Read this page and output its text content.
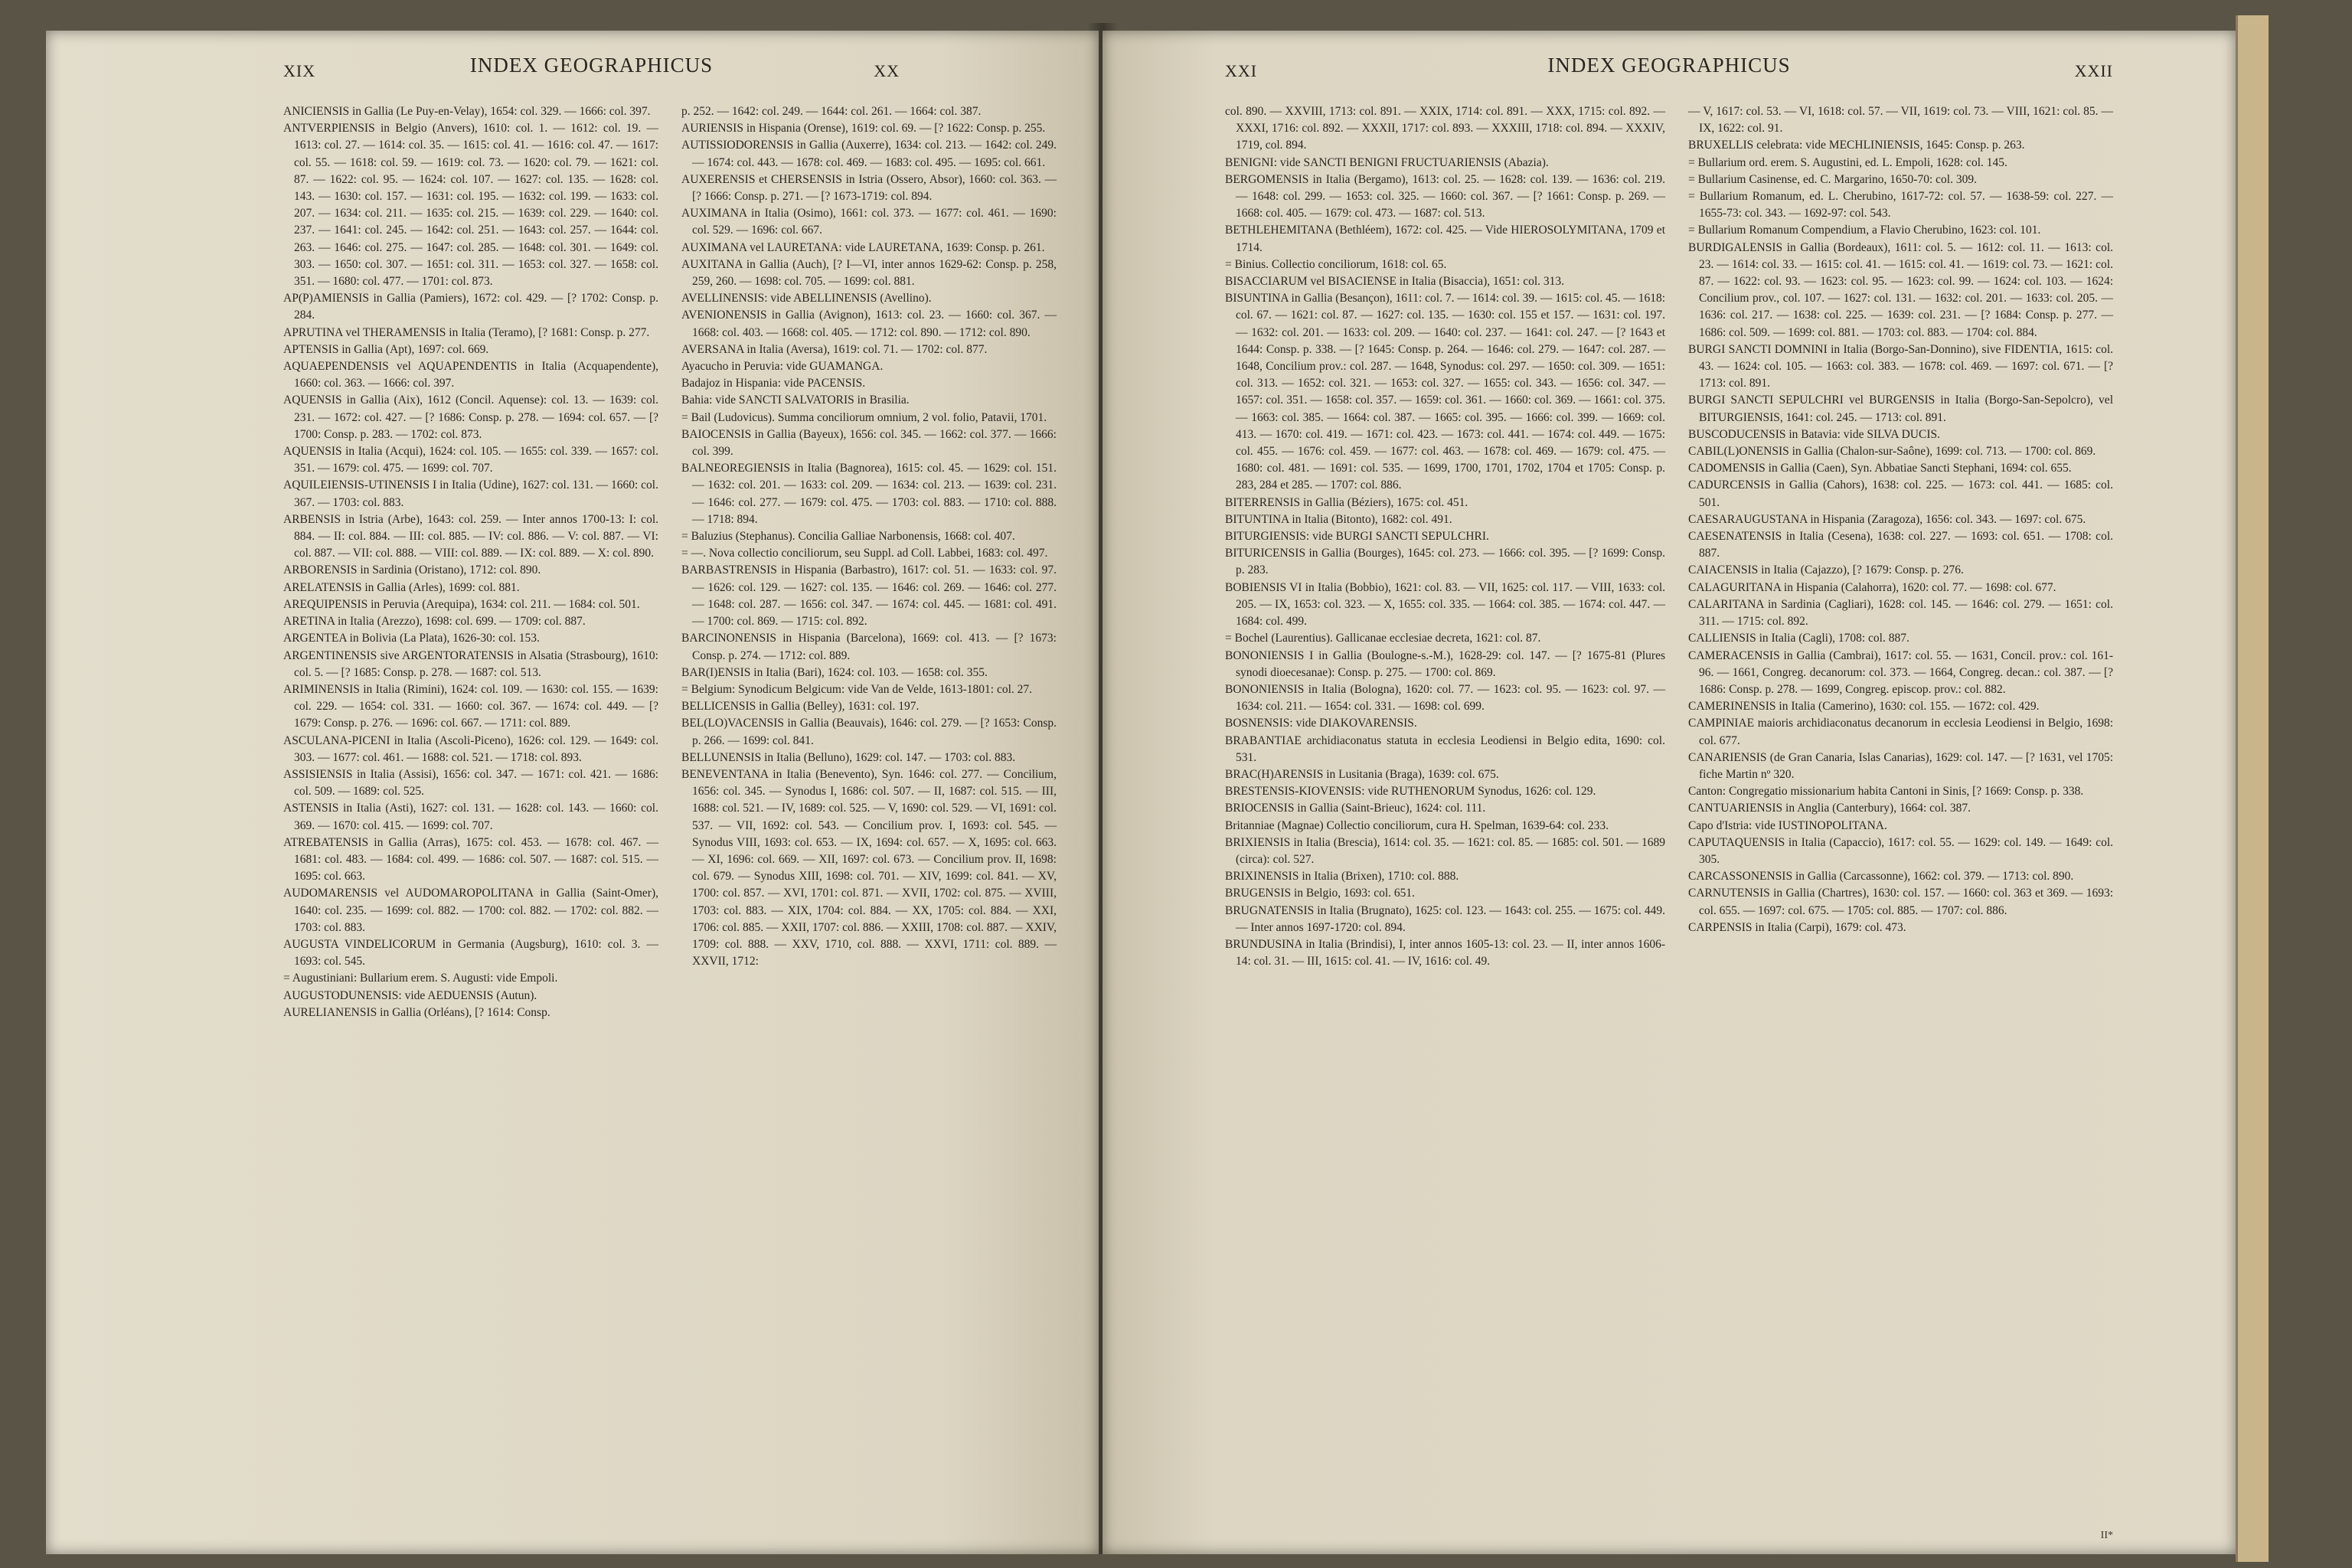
XIX	INDEX GEOGRAPHICUS	XX

ANICIENSIS in Gallia (Le Puy-en-Velay), 1654: col. 329. — 1666: col. 397.

ANTVERPIENSIS in Belgio (Anvers), 1610: col. 1. — 1612: col. 19. — 1613: col. 27. — 1614: col. 35. — 1615: col. 41. — 1616: col. 47. — 1617: col. 55. — 1618: col. 59. — 1619: col. 73. — 1620: col. 79. — 1621: col. 87. — 1622: col. 95. — 1624: col. 107. — 1627: col. 135. — 1628: col. 143. — 1630: col. 157. — 1631: col. 195. — 1632: col. 199. — 1633: col. 207. — 1634: col. 211. — 1635: col. 215. — 1639: col. 229. — 1640: col. 237. — 1641: col. 245. — 1642: col. 251. — 1643: col. 257. — 1644: col. 263. — 1646: col. 275. — 1647: col. 285. — 1648: col. 301. — 1649: col. 303. — 1650: col. 307. — 1651: col. 311. — 1653: col. 327. — 1658: col. 351. — 1680: col. 477. — 1701: col. 873.

AP(P)AMIENSIS in Gallia (Pamiers), 1672: col. 429. — [? 1702: Consp. p. 284.

APRUTINA vel THERAMENSIS in Italia (Teramo), [? 1681: Consp. p. 277.

APTENSIS in Gallia (Apt), 1697: col. 669.

AQUAEPENDENSIS vel AQUAPENDENTIS in Italia (Acquapendente), 1660: col. 363. — 1666: col. 397.

AQUENSIS in Gallia (Aix), 1612 (Concil. Aquense): col. 13. — 1639: col. 231. — 1672: col. 427. — [? 1686: Consp. p. 278. — 1694: col. 657. — [? 1700: Consp. p. 283. — 1702: col. 873.

AQUENSIS in Italia (Acqui), 1624: col. 105. — 1655: col. 339. — 1657: col. 351. — 1679: col. 475. — 1699: col. 707.

AQUILEIENSIS-UTINENSIS I in Italia (Udine), 1627: col. 131. — 1660: col. 367. — 1703: col. 883.

ARBENSIS in Istria (Arbe), 1643: col. 259. — Inter annos 1700-13: I: col. 884. — II: col. 884. — III: col. 885. — IV: col. 886. — V: col. 887. — VI: col. 887. — VII: col. 888. — VIII: col. 889. — IX: col. 889. — X: col. 890.

ARBORENSIS in Sardinia (Oristano), 1712: col. 890.

ARELATENSIS in Gallia (Arles), 1699: col. 881.

AREQUIPENSIS in Peruvia (Arequipa), 1634: col. 211. — 1684: col. 501.

ARETINA in Italia (Arezzo), 1698: col. 699. — 1709: col. 887.

ARGENTEA in Bolivia (La Plata), 1626-30: col. 153.

ARGENTINENSIS sive ARGENTORATENSIS in Alsatia (Strasbourg), 1610: col. 5. — [? 1685: Consp. p. 278. — 1687: col. 513.

ARIMINENSIS in Italia (Rimini), 1624: col. 109. — 1630: col. 155. — 1639: col. 229. — 1654: col. 331. — 1660: col. 367. — 1674: col. 449. — [? 1679: Consp. p. 276. — 1696: col. 667. — 1711: col. 889.

ASCULANA-PICENI in Italia (Ascoli-Piceno), 1626: col. 129. — 1649: col. 303. — 1677: col. 461. — 1688: col. 521. — 1718: col. 893.

ASSISIENSIS in Italia (Assisi), 1656: col. 347. — 1671: col. 421. — 1686: col. 509. — 1689: col. 525.

ASTENSIS in Italia (Asti), 1627: col. 131. — 1628: col. 143. — 1660: col. 369. — 1670: col. 415. — 1699: col. 707.

ATREBATENSIS in Gallia (Arras), 1675: col. 453. — 1678: col. 467. — 1681: col. 483. — 1684: col. 499. — 1686: col. 507. — 1687: col. 515. — 1695: col. 663.

AUDOMARENSIS vel AUDOMAROPOLITANA in Gallia (Saint-Omer), 1640: col. 235. — 1699: col. 882. — 1700: col. 882. — 1702: col. 882. — 1703: col. 883.

AUGUSTA VINDELICORUM in Germania (Augsburg), 1610: col. 3. — 1693: col. 545.

= Augustiniani: Bullarium erem. S. Augusti: vide Empoli.

AUGUSTODUNENSIS: vide AEDUENSIS (Autun).

AURELIANENSIS in Gallia (Orléans), [? 1614: Consp.

p. 252. — 1642: col. 249. — 1644: col. 261. — 1664: col. 387.

AURIENSIS in Hispania (Orense), 1619: col. 69. — [? 1622: Consp. p. 255.

AUTISSIODORENSIS in Gallia (Auxerre), 1634: col. 213. — 1642: col. 249. — 1674: col. 443. — 1678: col. 469. — 1683: col. 495. — 1695: col. 661.

AUXERENSIS et CHERSENSIS in Istria (Ossero, Absor), 1660: col. 363. — [? 1666: Consp. p. 271. — [? 1673-1719: col. 894.

AUXIMANA in Italia (Osimo), 1661: col. 373. — 1677: col. 461. — 1690: col. 529. — 1696: col. 667.

AUXIMANA vel LAURETANA: vide LAURETANA, 1639: Consp. p. 261.

AUXITANA in Gallia (Auch), [? I—VI, inter annos 1629-62: Consp. p. 258, 259, 260. — 1698: col. 705. — 1699: col. 881.

AVELLINENSIS: vide ABELLINENSIS (Avellino).

AVENIONENSIS in Gallia (Avignon), 1613: col. 23. — 1660: col. 367. — 1668: col. 403. — 1668: col. 405. — 1712: col. 890. — 1712: col. 890.

AVERSANA in Italia (Aversa), 1619: col. 71. — 1702: col. 877.

Ayacucho in Peruvia: vide GUAMANGA.

Badajoz in Hispania: vide PACENSIS.

Bahia: vide SANCTI SALVATORIS in Brasilia.

= Bail (Ludovicus). Summa conciliorum omnium, 2 vol. folio, Patavii, 1701.

BAIOCENSIS in Gallia (Bayeux), 1656: col. 345. — 1662: col. 377. — 1666: col. 399.

BALNEOREGIENSIS in Italia (Bagnorea), 1615: col. 45. — 1629: col. 151. — 1632: col. 201. — 1633: col. 209. — 1634: col. 213. — 1639: col. 231. — 1646: col. 277. — 1679: col. 475. — 1703: col. 883. — 1710: col. 888. — 1718: 894.

= Baluzius (Stephanus). Concilia Galliae Narbonensis, 1668: col. 407.

= —. Nova collectio conciliorum, seu Suppl. ad Coll. Labbei, 1683: col. 497.

BARBASTRENSIS in Hispania (Barbastro), 1617: col. 51. — 1633: col. 97. — 1626: col. 129. — 1627: col. 135. — 1646: col. 269. — 1646: col. 277. — 1648: col. 287. — 1656: col. 347. — 1674: col. 445. — 1681: col. 491. — 1700: col. 869. — 1715: col. 892.

BARCINONENSIS in Hispania (Barcelona), 1669: col. 413. — [? 1673: Consp. p. 274. — 1712: col. 889.

BAR(I)ENSIS in Italia (Bari), 1624: col. 103. — 1658: col. 355.

= Belgium: Synodicum Belgicum: vide Van de Velde, 1613-1801: col. 27.

BELLICENSIS in Gallia (Belley), 1631: col. 197.

BEL(LO)VACENSIS in Gallia (Beauvais), 1646: col. 279. — [? 1653: Consp. p. 266. — 1699: col. 841.

BELLUNENSIS in Italia (Belluno), 1629: col. 147. — 1703: col. 883.

BENEVENTANA in Italia (Benevento), Syn. 1646: col. 277. — Concilium, 1656: col. 345. — Synodus I, 1686: col. 507. — II, 1687: col. 515. — III, 1688: col. 521. — IV, 1689: col. 525. — V, 1690: col. 529. — VI, 1691: col. 537. — VII, 1692: col. 543. — Concilium prov. I, 1693: col. 545. — Synodus VIII, 1693: col. 653. — IX, 1694: col. 657. — X, 1695: col. 663. — XI, 1696: col. 669. — XII, 1697: col. 673. — Concilium prov. II, 1698: col. 679. — Synodus XIII, 1698: col. 701. — XIV, 1699: col. 841. — XV, 1700: col. 857. — XVI, 1701: col. 871. — XVII, 1702: col. 875. — XVIII, 1703: col. 883. — XIX, 1704: col. 884. — XX, 1705: col. 884. — XXI, 1706: col. 885. — XXII, 1707: col. 886. — XXIII, 1708: col. 887. — XXIV, 1709: col. 888. — XXV, 1710, col. 888. — XXVI, 1711: col. 889. — XXVII, 1712:

XXI	INDEX GEOGRAPHICUS	XXII

col. 890. — XXVIII, 1713: col. 891. — XXIX, 1714: col. 891. — XXX, 1715: col. 892. — XXXI, 1716: col. 892. — XXXII, 1717: col. 893. — XXXIII, 1718: col. 894. — XXXIV, 1719, col. 894.

BENIGNI: vide SANCTI BENIGNI FRUCTUARIENSIS (Abazia).

BERGOMENSIS in Italia (Bergamo), 1613: col. 25. — 1628: col. 139. — 1636: col. 219. — 1648: col. 299. — 1653: col. 325. — 1660: col. 367. — [? 1661: Consp. p. 269. — 1668: col. 405. — 1679: col. 473. — 1687: col. 513.

BETHLEHEMITANA (Bethléem), 1672: col. 425. — Vide HIEROSOLYMITANA, 1709 et 1714.

= Binius. Collectio conciliorum, 1618: col. 65.

BISACCIARUM vel BISACIENSE in Italia (Bisaccia), 1651: col. 313.

BISUNTINA in Gallia (Besançon), 1611: col. 7. — 1614: col. 39. — 1615: col. 45. — 1618: col. 67. — 1621: col. 87. — 1627: col. 135. — 1630: col. 155 et 157. — 1631: col. 197. — 1632: col. 201. — 1633: col. 209. — 1640: col. 237. — 1641: col. 247. — [? 1643 et 1644: Consp. p. 338. — [? 1645: Consp. p. 264. — 1646: col. 279. — 1647: col. 287. — 1648, Concilium prov.: col. 287. — 1648, Synodus: col. 297. — 1650: col. 309. — 1651: col. 313. — 1652: col. 321. — 1653: col. 327. — 1655: col. 343. — 1656: col. 347. — 1657: col. 351. — 1658: col. 357. — 1659: col. 361. — 1660: col. 369. — 1661: col. 375. — 1663: col. 385. — 1664: col. 387. — 1665: col. 395. — 1666: col. 399. — 1669: col. 413. — 1670: col. 419. — 1671: col. 423. — 1673: col. 441. — 1674: col. 449. — 1675: col. 455. — 1676: col. 459. — 1677: col. 463. — 1678: col. 469. — 1679: col. 475. — 1680: col. 481. — 1691: col. 535. — 1699, 1700, 1701, 1702, 1704 et 1705: Consp. p. 283, 284 et 285. — 1707: col. 886.

BITERRENSIS in Gallia (Béziers), 1675: col. 451.

BITUNTINA in Italia (Bitonto), 1682: col. 491.

BITURGIENSIS: vide BURGI SANCTI SEPULCHRI.

BITURICENSIS in Gallia (Bourges), 1645: col. 273. — 1666: col. 395. — [? 1699: Consp. p. 283.

BOBIENSIS VI in Italia (Bobbio), 1621: col. 83. — VII, 1625: col. 117. — VIII, 1633: col. 205. — IX, 1653: col. 323. — X, 1655: col. 335. — 1664: col. 385. — 1674: col. 447. — 1684: col. 499.

= Bochel (Laurentius). Gallicanae ecclesiae decreta, 1621: col. 87.

BONONIENSIS I in Gallia (Boulogne-s.-M.), 1628-29: col. 147. — [? 1675-81 (Plures synodi dioecesanae): Consp. p. 275. — 1700: col. 869.

BONONIENSIS in Italia (Bologna), 1620: col. 77. — 1623: col. 95. — 1623: col. 97. — 1634: col. 211. — 1654: col. 331. — 1698: col. 699.

BOSNENSIS: vide DIAKOVARENSIS.

BRABANTIAE archidiaconatus statuta in ecclesia Leodiensi in Belgio edita, 1690: col. 531.

BRAC(H)ARENSIS in Lusitania (Braga), 1639: col. 675.

BRESTENSIS-KIOVENSIS: vide RUTHENORUM Synodus, 1626: col. 129.

BRIOCENSIS in Gallia (Saint-Brieuc), 1624: col. 111.

Britanniae (Magnae) Collectio conciliorum, cura H. Spelman, 1639-64: col. 233.

BRIXIENSIS in Italia (Brescia), 1614: col. 35. — 1621: col. 85. — 1685: col. 501. — 1689 (circa): col. 527.

BRIXINENSIS in Italia (Brixen), 1710: col. 888.

BRUGENSIS in Belgio, 1693: col. 651.

BRUGNATENSIS in Italia (Brugnato), 1625: col. 123. — 1643: col. 255. — 1675: col. 449. — Inter annos 1697-1720: col. 894.

BRUNDUSINA in Italia (Brindisi), I, inter annos 1605-13: col. 23. — II, inter annos 1606-14: col. 31. — III, 1615: col. 41. — IV, 1616: col. 49.

— V, 1617: col. 53. — VI, 1618: col. 57. — VII, 1619: col. 73. — VIII, 1621: col. 85. — IX, 1622: col. 91.

BRUXELLIS celebrata: vide MECHLINIENSIS, 1645: Consp. p. 263.

= Bullarium ord. erem. S. Augustini, ed. L. Empoli, 1628: col. 145.

= Bullarium Casinense, ed. C. Margarino, 1650-70: col. 309.

= Bullarium Romanum, ed. L. Cherubino, 1617-72: col. 57. — 1638-59: col. 227. — 1655-73: col. 343. — 1692-97: col. 543.

= Bullarium Romanum Compendium, a Flavio Cherubino, 1623: col. 101.

BURDIGALENSIS in Gallia (Bordeaux), 1611: col. 5. — 1612: col. 11. — 1613: col. 23. — 1614: col. 33. — 1615: col. 41. — 1615: col. 41. — 1619: col. 73. — 1621: col. 87. — 1622: col. 93. — 1623: col. 95. — 1623: col. 99. — 1624: col. 103. — 1624: Concilium prov., col. 107. — 1627: col. 131. — 1632: col. 201. — 1633: col. 205. — 1636: col. 217. — 1638: col. 225. — 1639: col. 231. — [? 1684: Consp. p. 277. — 1686: col. 509. — 1699: col. 881. — 1703: col. 883. — 1704: col. 884.

BURGI SANCTI DOMNINI in Italia (Borgo-San-Donnino), sive FIDENTIA, 1615: col. 43. — 1624: col. 105. — 1663: col. 383. — 1678: col. 469. — 1697: col. 671. — [? 1713: col. 891.

BURGI SANCTI SEPULCHRI vel BURGENSIS in Italia (Borgo-San-Sepolcro), vel BITURGIENSIS, 1641: col. 245. — 1713: col. 891.

BUSCODUCENSIS in Batavia: vide SILVA DUCIS.

CABIL(L)ONENSIS in Gallia (Chalon-sur-Saône), 1699: col. 713. — 1700: col. 869.

CADOMENSIS in Gallia (Caen), Syn. Abbatiae Sancti Stephani, 1694: col. 655.

CADURCENSIS in Gallia (Cahors), 1638: col. 225. — 1673: col. 441. — 1685: col. 501.

CAESARAUGUSTANA in Hispania (Zaragoza), 1656: col. 343. — 1697: col. 675.

CAESENATENSIS in Italia (Cesena), 1638: col. 227. — 1693: col. 651. — 1708: col. 887.

CAIACENSIS in Italia (Cajazzo), [? 1679: Consp. p. 276.

CALAGURITANA in Hispania (Calahorra), 1620: col. 77. — 1698: col. 677.

CALARITANA in Sardinia (Cagliari), 1628: col. 145. — 1646: col. 279. — 1651: col. 311. — 1715: col. 892.

CALLIENSIS in Italia (Cagli), 1708: col. 887.

CAMERACENSIS in Gallia (Cambrai), 1617: col. 55. — 1631, Concil. prov.: col. 161-96. — 1661, Congreg. decanorum: col. 373. — 1664, Congreg. decan.: col. 387. — [? 1686: Consp. p. 278. — 1699, Congreg. episcop. prov.: col. 882.

CAMERINENSIS in Italia (Camerino), 1630: col. 155. — 1672: col. 429.

CAMPINIAE maioris archidiaconatus decanorum in ecclesia Leodiensi in Belgio, 1698: col. 677.

CANARIENSIS (de Gran Canaria, Islas Canarias), 1629: col. 147. — [? 1631, vel 1705: fiche Martin nº 320.

Canton: Congregatio missionarium habita Cantoni in Sinis, [? 1669: Consp. p. 338.

CANTUARIENSIS in Anglia (Canterbury), 1664: col. 387.

Capo d'Istria: vide IUSTINOPOLITANA.

CAPUTAQUENSIS in Italia (Capaccio), 1617: col. 55. — 1629: col. 149. — 1649: col. 305.

CARCASSONENSIS in Gallia (Carcassonne), 1662: col. 379. — 1713: col. 890.

CARNUTENSIS in Gallia (Chartres), 1630: col. 157. — 1660: col. 363 et 369. — 1693: col. 655. — 1697: col. 675. — 1705: col. 885. — 1707: col. 886.

CARPENSIS in Italia (Carpi), 1679: col. 473.

II*
